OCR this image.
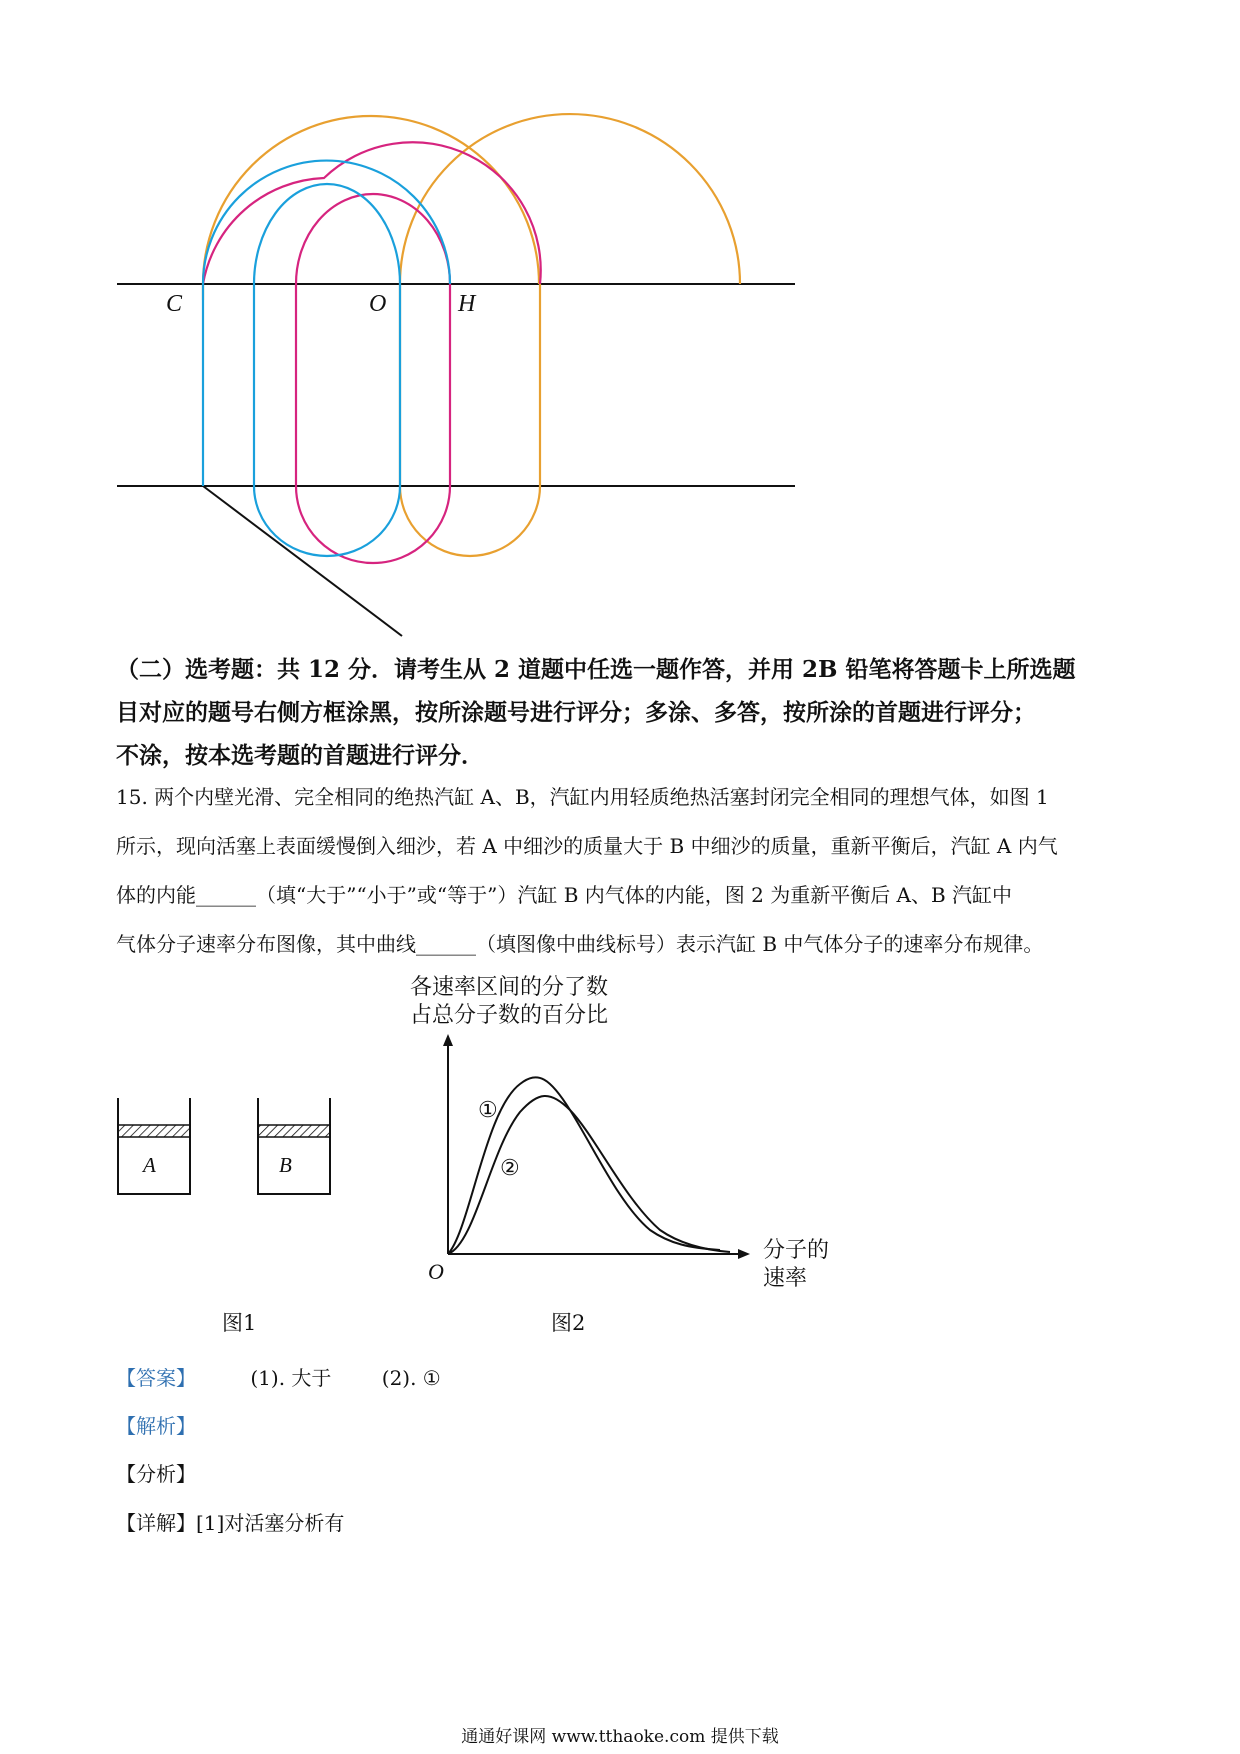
C	O	H
（二）选考题：共 12 分．请考生从 2 道题中任选一题作答，并用 2B 铅笔将答题卡上所选题
目对应的题号右侧方框涂黑，按所涂题号进行评分；多涂、多答，按所涂的首题进行评分；
不涂，按本选考题的首题进行评分．
15. 两个内壁光滑、完全相同的绝热汽缸 A、B，汽缸内用轻质绝热活塞封闭完全相同的理想气体，如图 1
所示，现向活塞上表面缓慢倒入细沙，若 A 中细沙的质量大于 B 中细沙的质量，重新平衡后，汽缸 A 内气
体的内能______（填“大于”“小于”或“等于”）汽缸 B 内气体的内能，图 2 为重新平衡后 A、B 汽缸中
气体分子速率分布图像，其中曲线______（填图像中曲线标号）表示汽缸 B 中气体分子的速率分布规律。
A	B
图1
各速率区间的分了数
占总分子数的百分比
分子的
速率
O
①
②
图2
【答案】	(1). 大于	(2). ①
【解析】
【分析】
【详解】[1]对活塞分析有
通通好课网 www.tthaoke.com 提供下载
